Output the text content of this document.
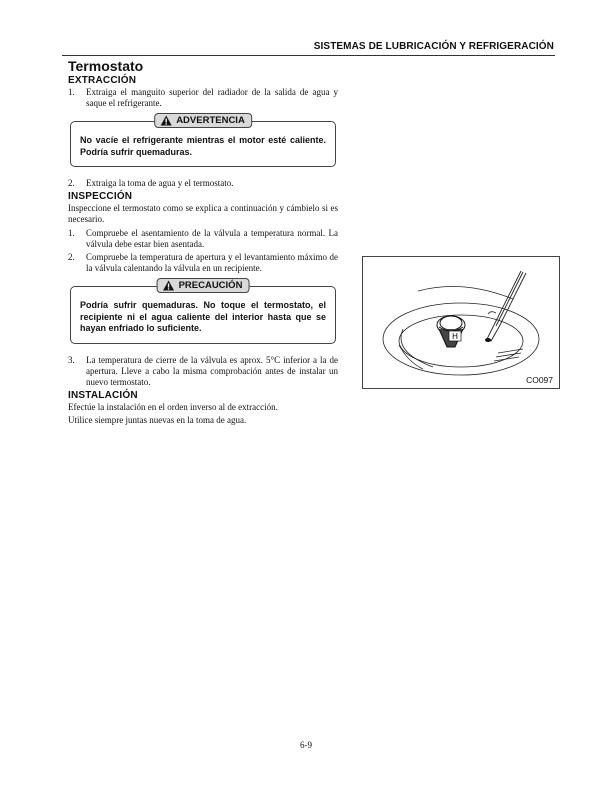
SISTEMAS DE LUBRICACIÓN Y REFRIGERACIÓN
Termostato
EXTRACCIÓN
1.	Extraiga el manguito superior del radiador de la salida de agua y saque el refrigerante.
ADVERTENCIA
No vacíe el refrigerante mientras el motor esté caliente. Podría sufrir quemaduras.
2.	Extraiga la toma de agua y el termostato.
INSPECCIÓN

Inspeccione el termostato como se explica a continuación y cámbielo si es necesario.

1.	Compruebe el asentamiento de la válvula a temperatura normal. La válvula debe estar bien asentada.
2.	Compruebe la temperatura de apertura y el levantamiento máximo de la válvula calentando la válvula en un recipiente.
PRECAUCIÓN
Podría sufrir quemaduras. No toque el termostato, el recipiente ni el agua caliente del interior hasta que se hayan enfriado lo suficiente.
3.	La temperatura de cierre de la válvula es aprox. 5°C inferior a la de apertura. Lleve a cabo la misma comprobación antes de instalar un nuevo termostato.
INSTALACIÓN

Efectúe la instalación en el orden inverso al de extracción.

Utilice siempre juntas nuevas en la toma de agua.

H
CO097
6-9
